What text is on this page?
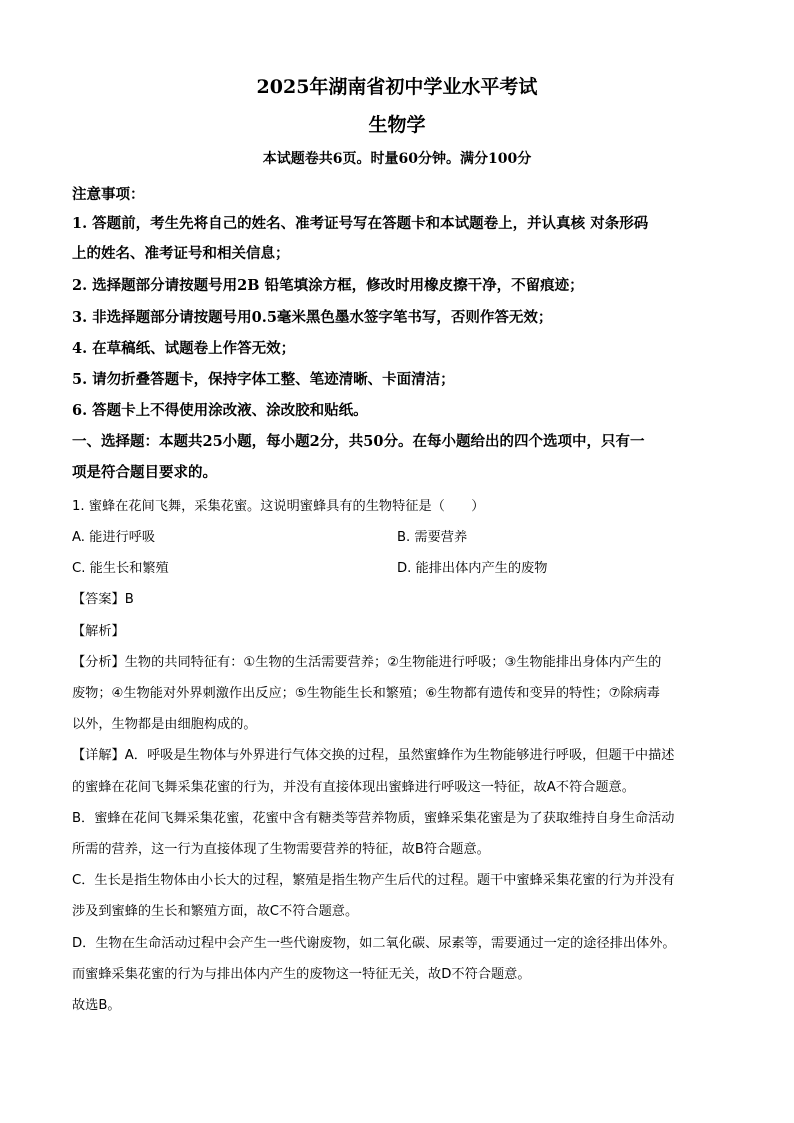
2025年湖南省初中学业水平考试
生物学
本试题卷共6页。时量60分钟。满分100分
注意事项：
1. 答题前，考生先将自己的姓名、准考证号写在答题卡和本试题卷上，并认真核 对条形码
上的姓名、准考证号和相关信息；
2. 选择题部分请按题号用2B 铅笔填涂方框，修改时用橡皮擦干净，不留痕迹；
3. 非选择题部分请按题号用0.5毫米黑色墨水签字笔书写，否则作答无效；
4. 在草稿纸、试题卷上作答无效；
5. 请勿折叠答题卡，保持字体工整、笔迹清晰、卡面清洁；
6. 答题卡上不得使用涂改液、涂改胶和贴纸。
一、选择题：本题共25小题，每小题2分，共50分。在每小题给出的四个选项中，只有一
项是符合题目要求的。
1. 蜜蜂在花间飞舞，采集花蜜。这说明蜜蜂具有的生物特征是（　　）
A. 能进行呼吸	B. 需要营养
C. 能生长和繁殖	D. 能排出体内产生的废物
【答案】B
【解析】
【分析】生物的共同特征有：①生物的生活需要营养；②生物能进行呼吸；③生物能排出身体内产生的
废物；④生物能对外界刺激作出反应；⑤生物能生长和繁殖；⑥生物都有遗传和变异的特性；⑦除病毒
以外，生物都是由细胞构成的。
【详解】A．呼吸是生物体与外界进行气体交换的过程，虽然蜜蜂作为生物能够进行呼吸，但题干中描述
的蜜蜂在花间飞舞采集花蜜的行为，并没有直接体现出蜜蜂进行呼吸这一特征，故A不符合题意。
B．蜜蜂在花间飞舞采集花蜜，花蜜中含有糖类等营养物质，蜜蜂采集花蜜是为了获取维持自身生命活动
所需的营养，这一行为直接体现了生物需要营养的特征，故B符合题意。
C．生长是指生物体由小长大的过程，繁殖是指生物产生后代的过程。题干中蜜蜂采集花蜜的行为并没有
涉及到蜜蜂的生长和繁殖方面，故C不符合题意。
D．生物在生命活动过程中会产生一些代谢废物，如二氧化碳、尿素等，需要通过一定的途径排出体外。
而蜜蜂采集花蜜的行为与排出体内产生的废物这一特征无关，故D不符合题意。
故选B。
